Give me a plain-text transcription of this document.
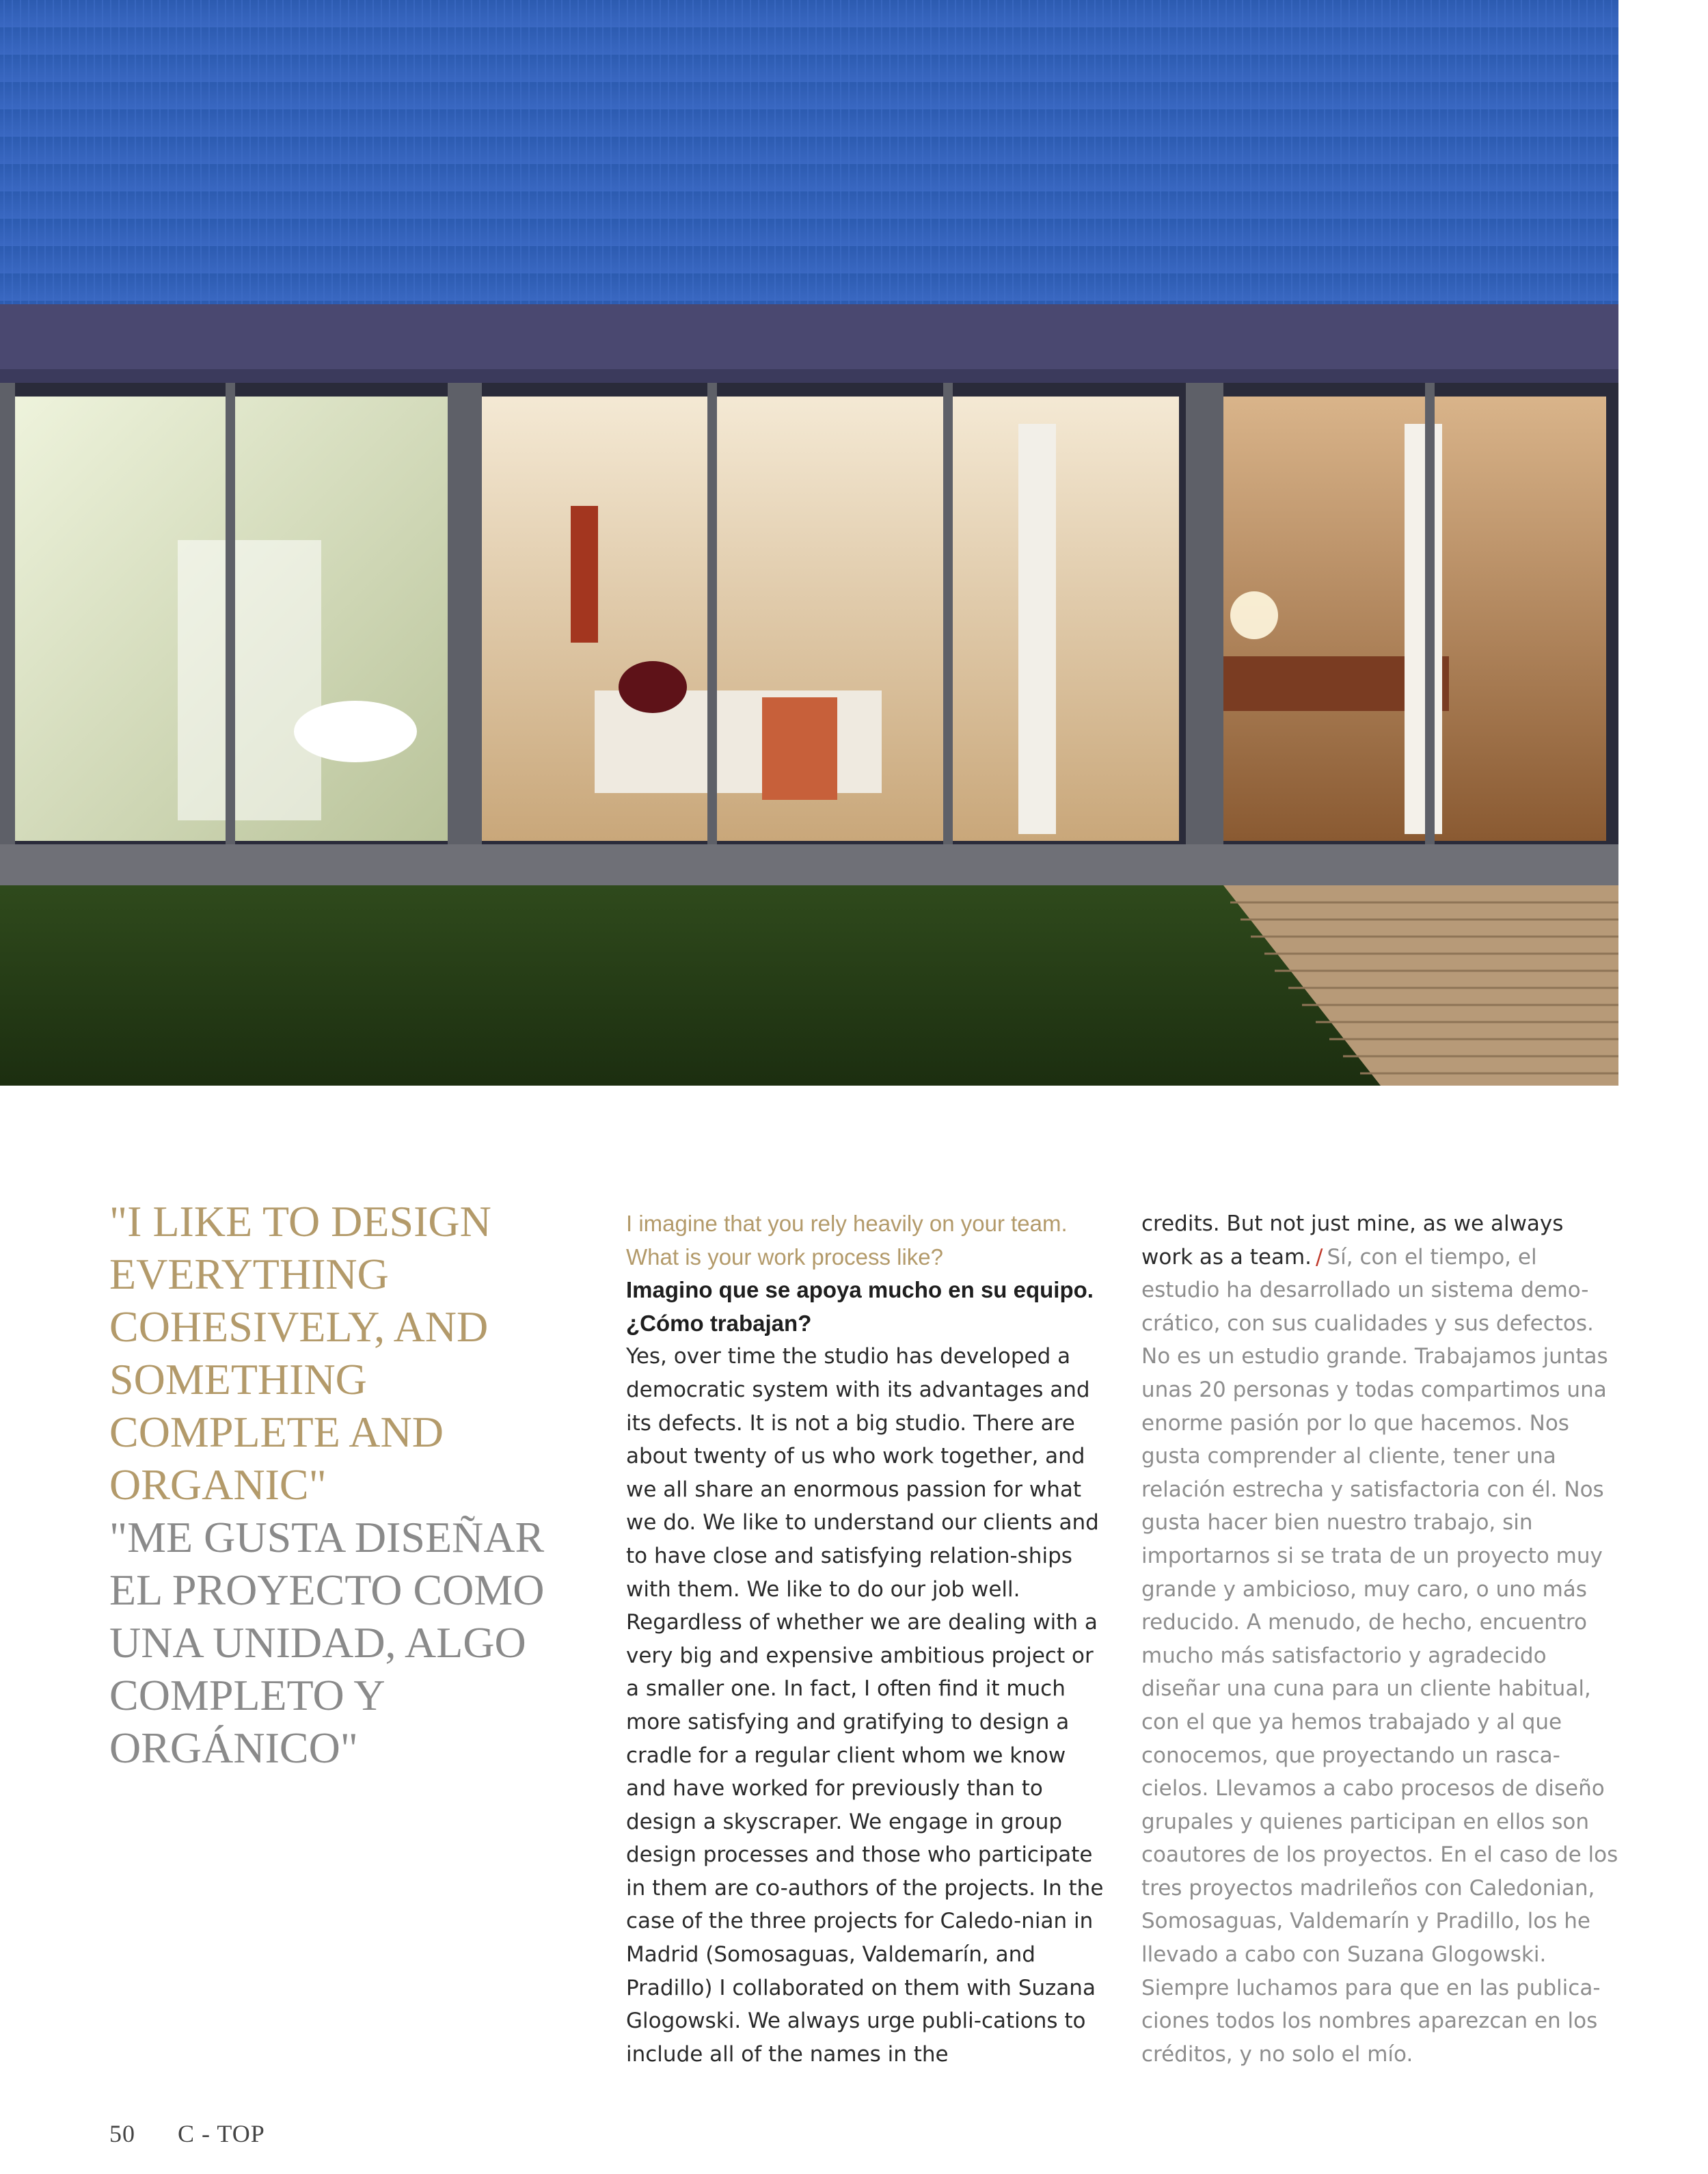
"I LIKE TO DESIGN EVERYTHING COHESIVELY, AND SOMETHING COMPLETE AND ORGANIC"

"ME GUSTA DISEÑAR EL PROYECTO COMO UNA UNIDAD, ALGO COMPLETO Y ORGÁNICO"

I imagine that you rely heavily on your team. What is your work process like?

Imagino que se apoya mucho en su equipo. ¿Cómo trabajan?

Yes, over time the studio has developed a democratic system with its advantages and its defects. It is not a big studio. There are about twenty of us who work together, and we all share an enormous passion for what we do. We like to understand our clients and to have close and satisfying relation-ships with them. We like to do our job well. Regardless of whether we are dealing with a very big and expensive ambitious project or a smaller one. In fact, I often find it much more satisfying and gratifying to design a cradle for a regular client whom we know and have worked for previously than to design a skyscraper. We engage in group design processes and those who participate in them are co-authors of the projects. In the case of the three projects for Caledo-nian in Madrid (Somosaguas, Valdemarín, and Pradillo) I collaborated on them with Suzana Glogowski. We always urge publi-cations to include all of the names in the

credits. But not just mine, as we always work as a team. / Sí, con el tiempo, el estudio ha desarrollado un sistema demo-crático, con sus cualidades y sus defectos. No es un estudio grande. Trabajamos juntas unas 20 personas y todas compartimos una enorme pasión por lo que hacemos. Nos gusta comprender al cliente, tener una relación estrecha y satisfactoria con él. Nos gusta hacer bien nuestro trabajo, sin importarnos si se trata de un proyecto muy grande y ambicioso, muy caro, o uno más reducido. A menudo, de hecho, encuentro mucho más satisfactorio y agradecido diseñar una cuna para un cliente habitual, con el que ya hemos trabajado y al que conocemos, que proyectando un rasca-cielos. Llevamos a cabo procesos de diseño grupales y quienes participan en ellos son coautores de los proyectos. En el caso de los tres proyectos madrileños con Caledonian, Somosaguas, Valdemarín y Pradillo, los he llevado a cabo con Suzana Glogowski. Siempre luchamos para que en las publica-ciones todos los nombres aparezcan en los créditos, y no solo el mío.

50 C - TOP
